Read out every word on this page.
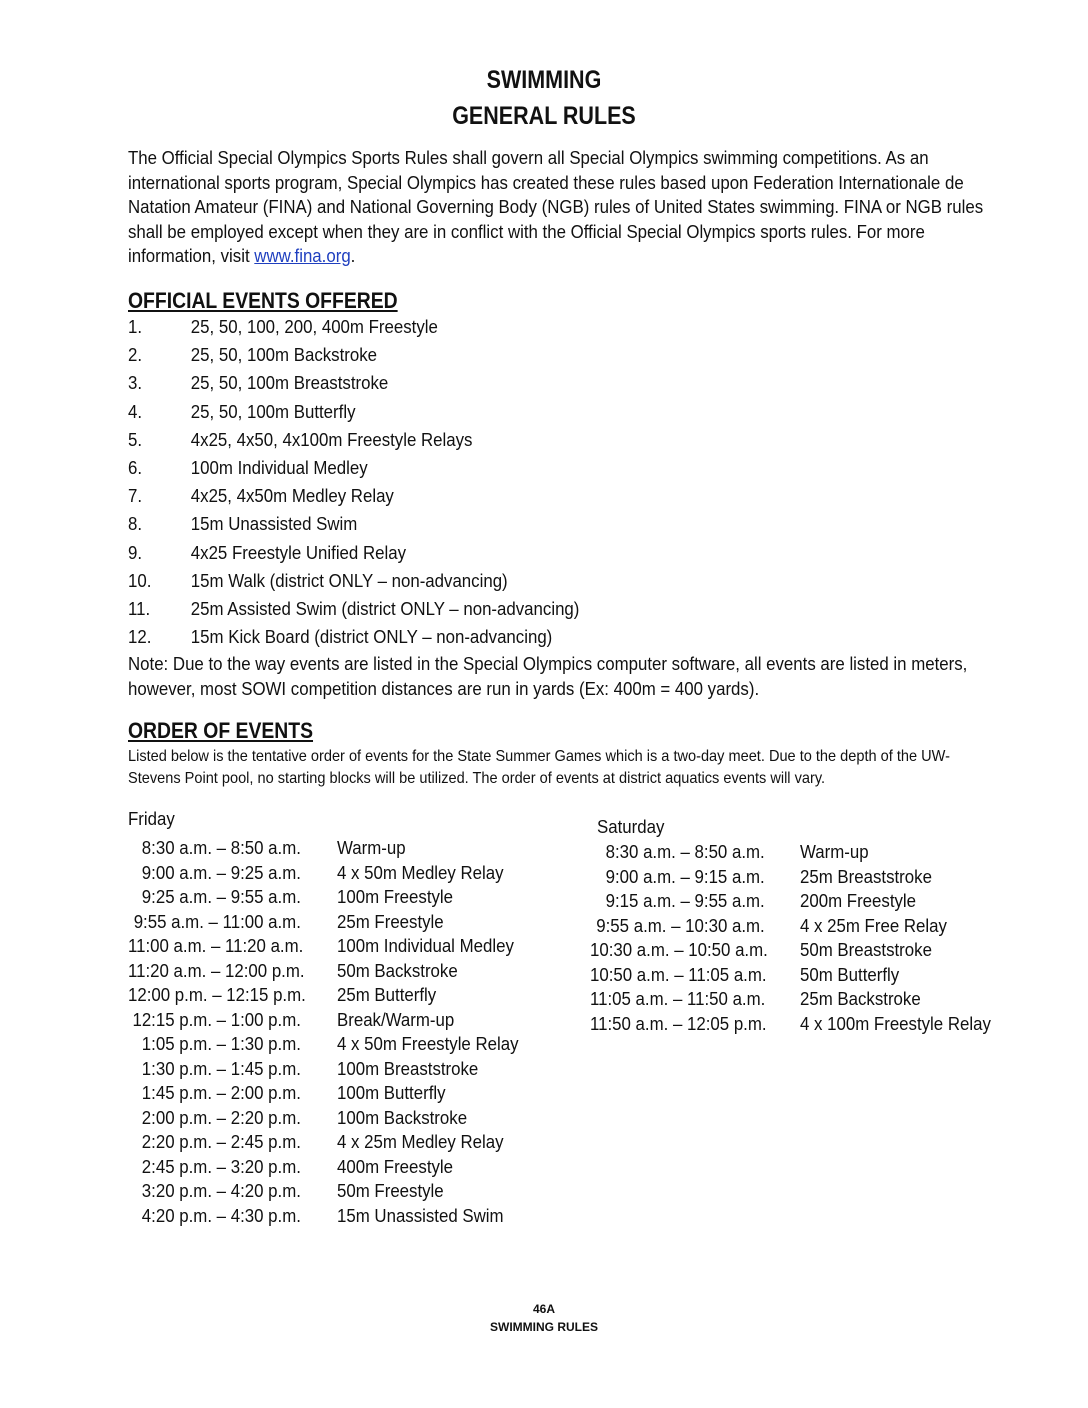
SWIMMING
GENERAL RULES
The Official Special Olympics Sports Rules shall govern all Special Olympics swimming competitions. As an international sports program, Special Olympics has created these rules based upon Federation Internationale de Natation Amateur (FINA) and National Governing Body (NGB) rules of United States swimming. FINA or NGB rules shall be employed except when they are in conflict with the Official Special Olympics sports rules. For more information, visit www.fina.org.
OFFICIAL EVENTS OFFERED
1.	25, 50, 100, 200, 400m Freestyle
2.	25, 50, 100m Backstroke
3.	25, 50, 100m Breaststroke
4.	25, 50, 100m Butterfly
5.	4x25, 4x50, 4x100m Freestyle Relays
6.	100m Individual Medley
7.	4x25, 4x50m Medley Relay
8.	15m Unassisted Swim
9.	4x25 Freestyle Unified Relay
10. 15m Walk (district ONLY – non-advancing)
11. 25m Assisted Swim (district ONLY – non-advancing)
12. 15m Kick Board (district ONLY – non-advancing)
Note: Due to the way events are listed in the Special Olympics computer software, all events are listed in meters, however, most SOWI competition distances are run in yards (Ex: 400m = 400 yards).
ORDER OF EVENTS
Listed below is the tentative order of events for the State Summer Games which is a two-day meet. Due to the depth of the UW-Stevens Point pool, no starting blocks will be utilized. The order of events at district aquatics events will vary.
Friday
8:30 a.m. – 8:50 a.m. Warm-up
9:00 a.m. – 9:25 a.m. 4 x 50m Medley Relay
9:25 a.m. – 9:55 a.m. 100m Freestyle
9:55 a.m. – 11:00 a.m. 25m Freestyle
11:00 a.m. – 11:20 a.m. 100m Individual Medley
11:20 a.m. – 12:00 p.m. 50m Backstroke
12:00 p.m. – 12:15 p.m. 25m Butterfly
12:15 p.m. – 1:00 p.m. Break/Warm-up
1:05 p.m. – 1:30 p.m. 4 x 50m Freestyle Relay
1:30 p.m. – 1:45 p.m. 100m Breaststroke
1:45 p.m. – 2:00 p.m. 100m Butterfly
2:00 p.m. – 2:20 p.m. 100m Backstroke
2:20 p.m. – 2:45 p.m. 4 x 25m Medley Relay
2:45 p.m. – 3:20 p.m. 400m Freestyle
3:20 p.m. – 4:20 p.m. 50m Freestyle
4:20 p.m. – 4:30 p.m. 15m Unassisted Swim
Saturday
8:30 a.m. – 8:50 a.m. Warm-up
9:00 a.m. – 9:15 a.m. 25m Breaststroke
9:15 a.m. – 9:55 a.m. 200m Freestyle
9:55 a.m. – 10:30 a.m. 4 x 25m Free Relay
10:30 a.m. – 10:50 a.m. 50m Breaststroke
10:50 a.m. – 11:05 a.m. 50m Butterfly
11:05 a.m. – 11:50 a.m. 25m Backstroke
11:50 a.m. – 12:05 p.m. 4 x 100m Freestyle Relay
46A
SWIMMING RULES
